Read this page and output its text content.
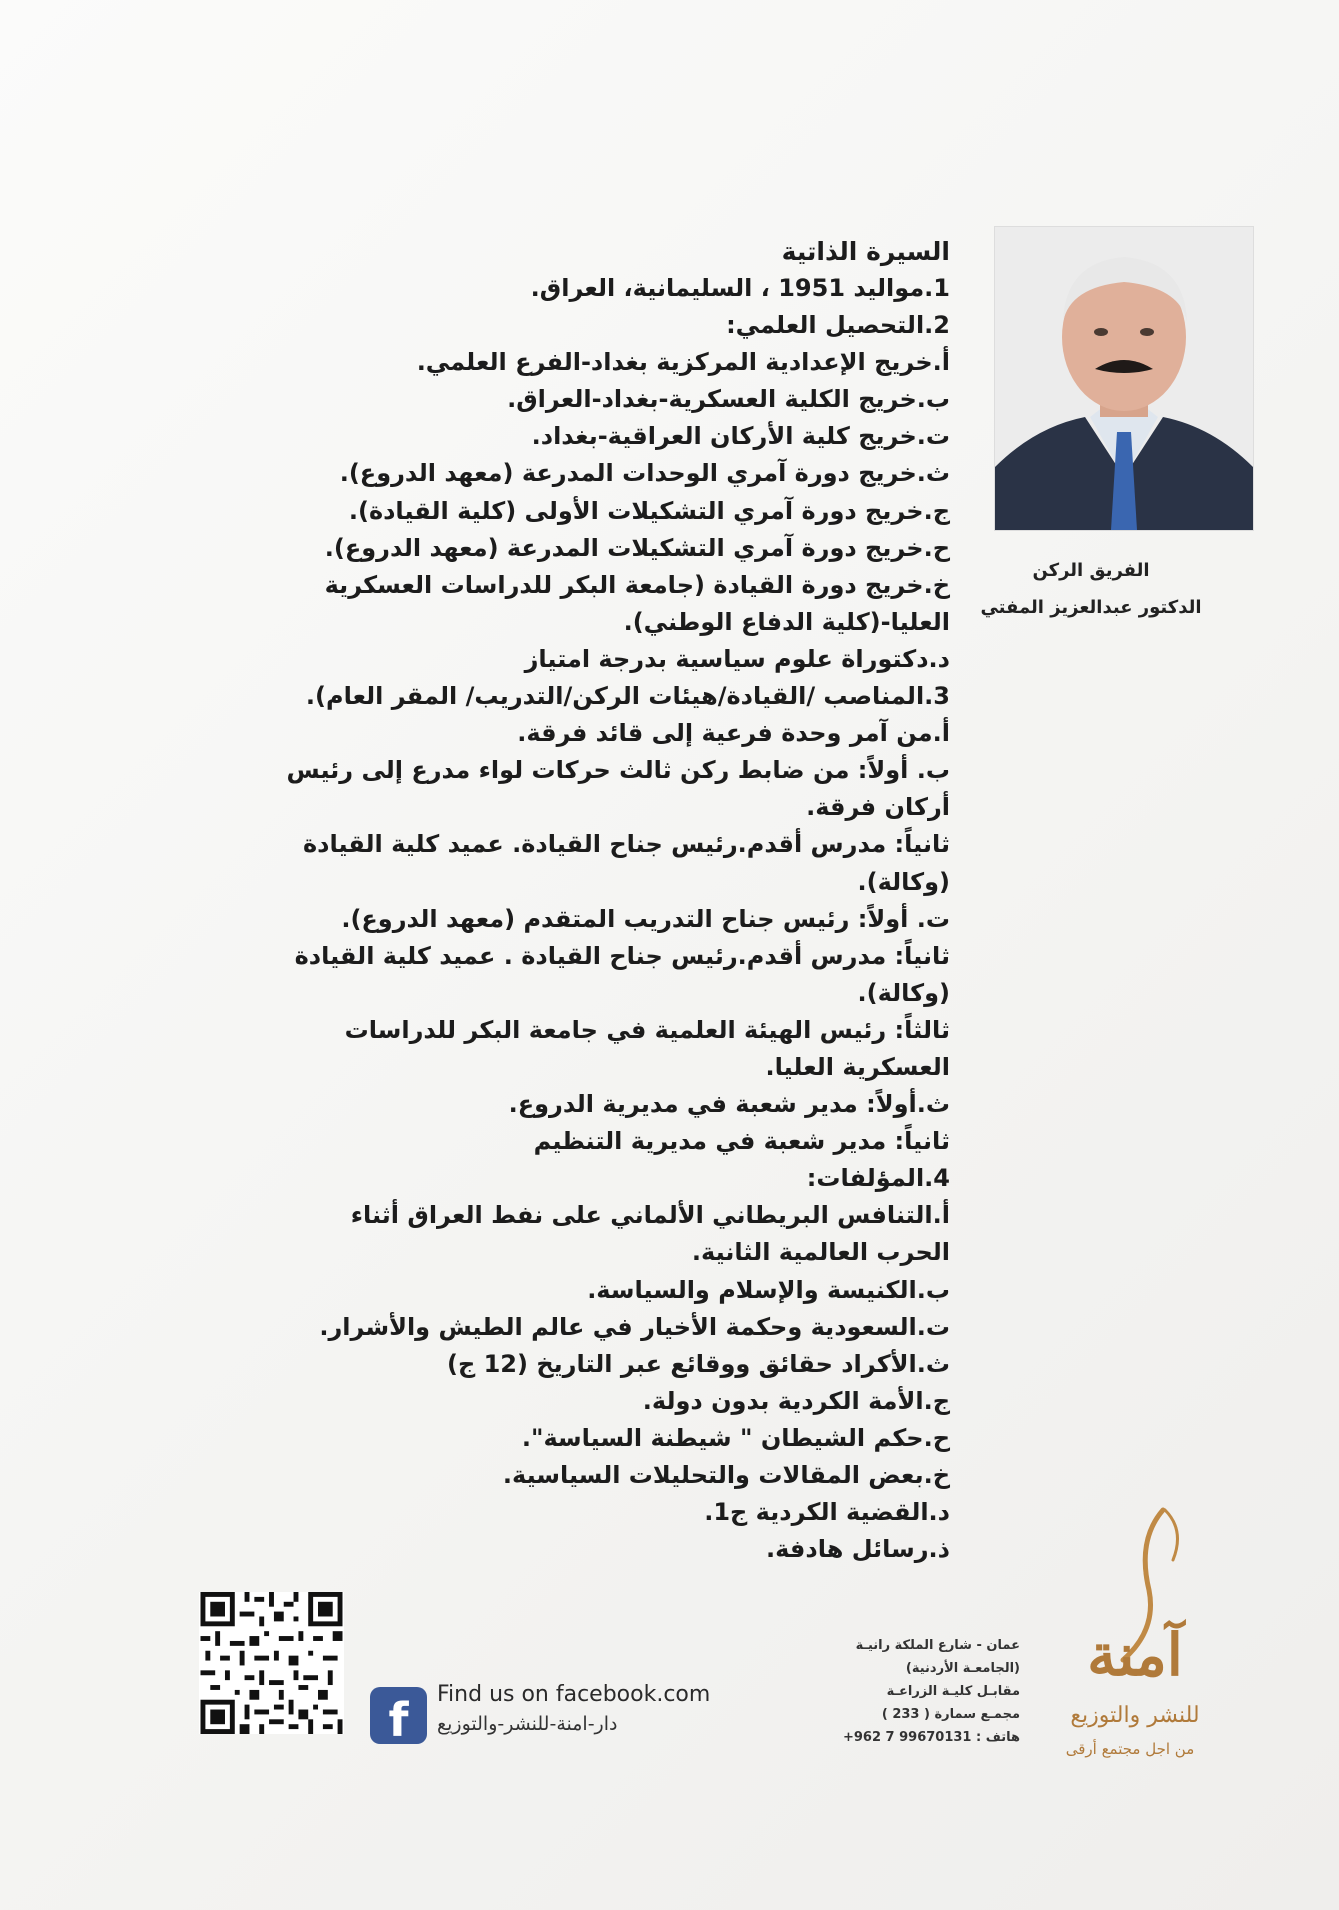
السيرة الذاتية
1.مواليد 1951 ، السليمانية، العراق.
2.التحصيل العلمي:
أ.خريج الإعدادية المركزية بغداد-الفرع العلمي.
ب.خريج الكلية العسكرية-بغداد-العراق.
ت.خريج كلية الأركان العراقية-بغداد.
ث.خريج دورة آمري الوحدات المدرعة (معهد الدروع).
ج.خريج دورة آمري التشكيلات الأولى (كلية القيادة).
ح.خريج دورة آمري التشكيلات المدرعة (معهد الدروع).
خ.خريج دورة القيادة (جامعة البكر للدراسات العسكرية
العليا-(كلية الدفاع الوطني).
د.دكتوراة علوم سياسية بدرجة امتياز
3.المناصب /القيادة/هيئات الركن/التدريب/ المقر العام).
أ.من آمر وحدة فرعية إلى قائد فرقة.
ب. أولاً: من ضابط ركن ثالث حركات لواء مدرع إلى رئيس
أركان فرقة.
ثانياً: مدرس أقدم.رئيس جناح القيادة. عميد كلية القيادة
(وكالة).
ت. أولاً: رئيس جناح التدريب المتقدم (معهد الدروع).
ثانياً: مدرس أقدم.رئيس جناح القيادة . عميد كلية القيادة
(وكالة).
ثالثاً: رئيس الهيئة العلمية في جامعة البكر للدراسات
العسكرية العليا.
ث.أولاً: مدير شعبة في مديرية الدروع.
ثانياً: مدير شعبة في مديرية التنظيم
4.المؤلفات:
أ.التنافس البريطاني الألماني على نفط العراق أثناء
الحرب العالمية الثانية.
ب.الكنيسة والإسلام والسياسة.
ت.السعودية وحكمة الأخيار في عالم الطيش والأشرار.
ث.الأكراد حقائق ووقائع عبر التاريخ (12 ج)
ج.الأمة الكردية بدون دولة.
ح.حكم الشيطان " شيطنة السياسة".
خ.بعض المقالات والتحليلات السياسية.
د.القضية الكردية ج1.
ذ.رسائل هادفة.
الفريق الركن
الدكتور عبدالعزيز المفتي
f	Find us on facebook.com
دار-امنة-للنشر-والتوزيع
عمان - شارع الملكة رانيـة
(الجامعـة الأردنية)
مقابـل كليـة الزراعـة
مجمـع سمارة ( 233 )
هاتف : 99670131 7 962+
آمنة
للنشر والتوزيع
من اجل مجتمع أرقى
